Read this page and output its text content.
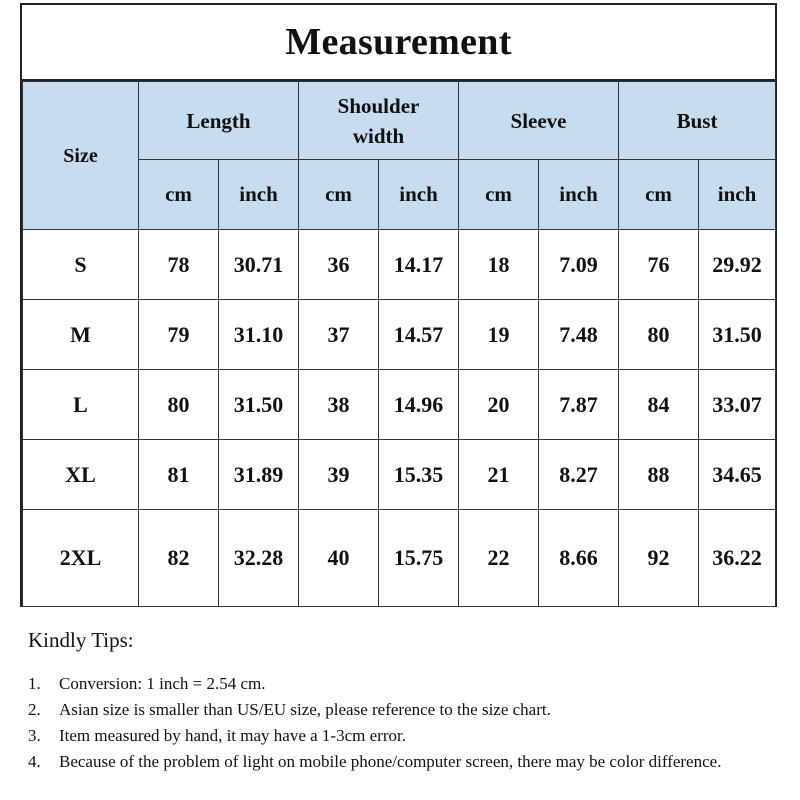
Measurement
Size	Length		Shoulder width		Sleeve		Bust	
	cm	inch	cm	inch	cm	inch	cm	inch
S	78	30.71	36	14.17	18	7.09	76	29.92
M	79	31.10	37	14.57	19	7.48	80	31.50
L	80	31.50	38	14.96	20	7.87	84	33.07
XL	81	31.89	39	15.35	21	8.27	88	34.65
2XL	82	32.28	40	15.75	22	8.66	92	36.22
Kindly Tips:
1. Conversion: 1 inch = 2.54 cm.
2. Asian size is smaller than US/EU size, please reference to the size chart.
3. Item measured by hand, it may have a 1-3cm error.
4. Because of the problem of light on mobile phone/computer screen, there may be color difference.
